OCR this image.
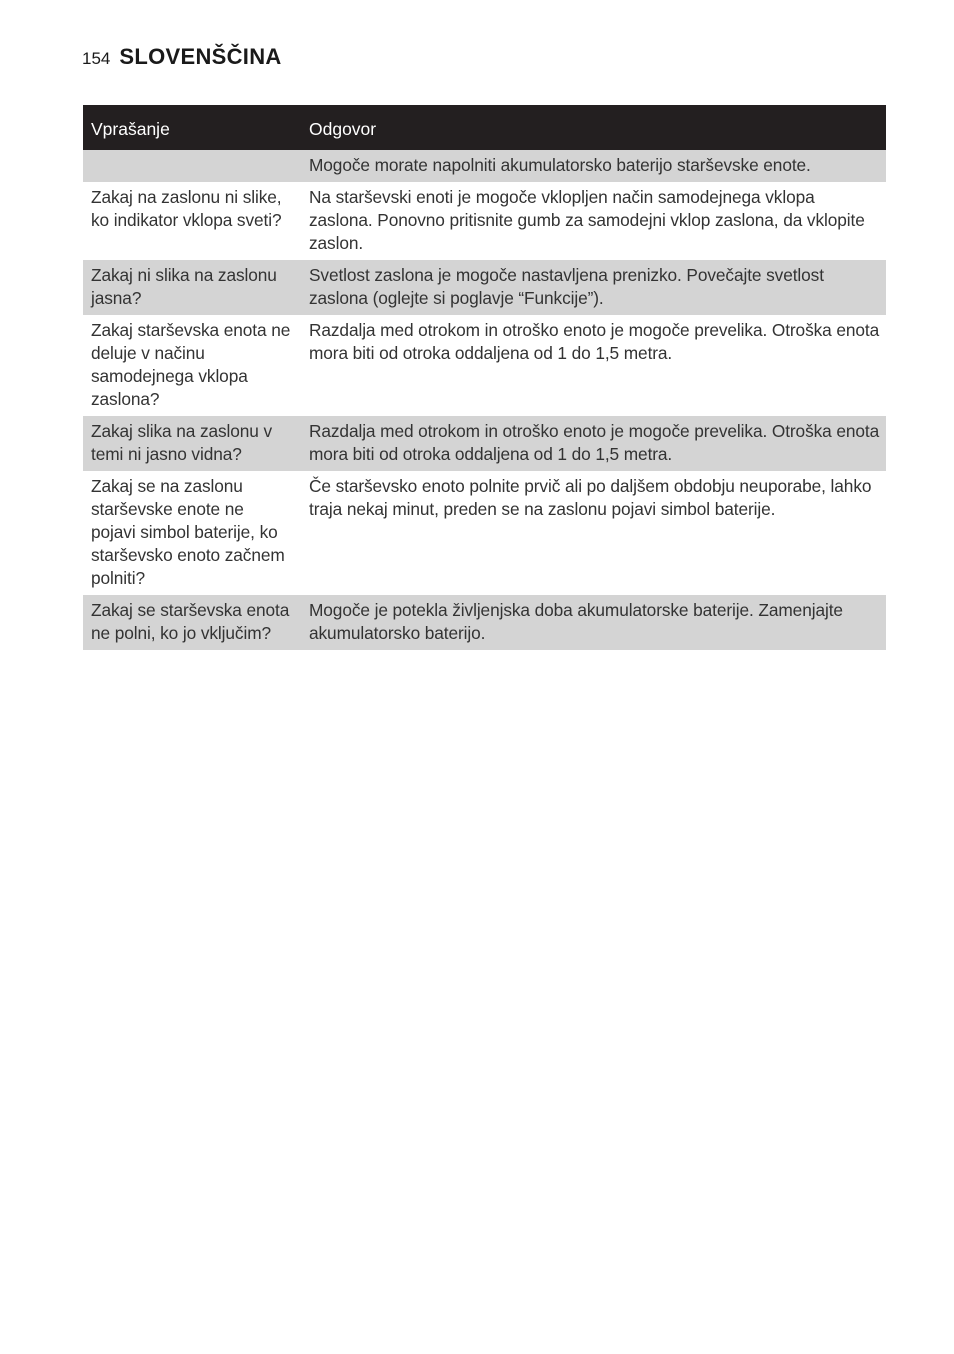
154 SLOVENŠČINA
Vprašanje	Odgovor
	Mogoče morate napolniti akumulatorsko baterijo starševske enote.
Zakaj na zaslonu ni slike, ko indikator vklopa sveti?	Na starševski enoti je mogoče vklopljen način samodejnega vklopa zaslona. Ponovno pritisnite gumb za samodejni vklop zaslona, da vklopite zaslon.
Zakaj ni slika na zaslonu jasna?	Svetlost zaslona je mogoče nastavljena prenizko. Povečajte svetlost zaslona (oglejte si poglavje “Funkcije”).
Zakaj starševska enota ne deluje v načinu samodejnega vklopa zaslona?	Razdalja med otrokom in otroško enoto je mogoče prevelika. Otroška enota mora biti od otroka oddaljena od 1 do 1,5 metra.
Zakaj slika na zaslonu v temi ni jasno vidna?	Razdalja med otrokom in otroško enoto je mogoče prevelika. Otroška enota mora biti od otroka oddaljena od 1 do 1,5 metra.
Zakaj se na zaslonu starševske enote ne pojavi simbol baterije, ko starševsko enoto začnem polniti?	Če starševsko enoto polnite prvič ali po daljšem obdobju neuporabe, lahko traja nekaj minut, preden se na zaslonu pojavi simbol baterije.
Zakaj se starševska enota ne polni, ko jo vključim?	Mogoče je potekla življenjska doba akumulatorske baterije. Zamenjajte akumulatorsko baterijo.
